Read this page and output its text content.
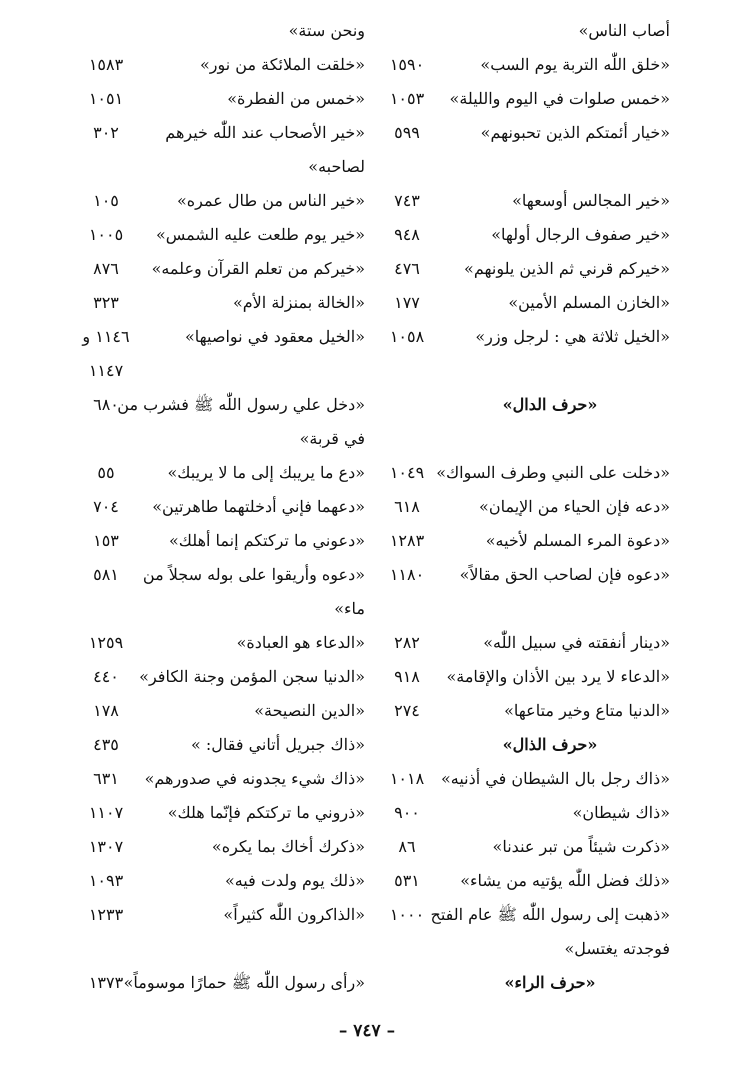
أصاب الناس»
ونحن ستة»
«خلق اللّٰه التربة يوم السب»
١٥٩٠
«خلقت الملائكة من نور»
١٥٨٣
«خمس صلوات في اليوم والليلة»
١٠٥٣
«خمس من الفطرة»
١٠٥١
«خيار أئمتكم الذين تحبونهم»
٥٩٩
«خير الأصحاب عند اللّٰه خيرهم
٣٠٢
لصاحبه»
«خير المجالس أوسعها»
٧٤٣
«خير الناس من طال عمره»
١٠٥
«خير صفوف الرجال أولها»
٩٤٨
«خير يوم طلعت عليه الشمس»
١٠٠٥
«خيركم قرني ثم الذين يلونهم»
٤٧٦
«خيركم من تعلم القرآن وعلمه»
٨٧٦
«الخازن المسلم الأمين»
١٧٧
«الخالة بمنزلة الأم»
٣٢٣
«الخيل ثلاثة هي : لرجل وزر»
١٠٥٨
«الخيل معقود في نواصيها»
١١٤٦ و
١١٤٧
«حرف الدال»
«دخل علي رسول اللّٰه ﷺ فشرب من
٦٨٠
في قربة»
«دخلت على النبي وطرف السواك»
١٠٤٩
«دع ما يريبك إلى ما لا يريبك»
٥٥
«دعه فإن الحياء من الإيمان»
٦١٨
«دعهما فإني أدخلتهما طاهرتين»
٧٠٤
«دعوة المرء المسلم لأخيه»
١٢٨٣
«دعوني ما تركتكم إنما أهلك»
١٥٣
«دعوه فإن لصاحب الحق مقالاً»
١١٨٠
«دعوه وأريقوا على بوله سجلاً من
٥٨١
ماء»
«دينار أنفقته في سبيل اللّٰه»
٢٨٢
«الدعاء هو العبادة»
١٢٥٩
«الدعاء لا يرد بين الأذان والإقامة»
٩١٨
«الدنيا سجن المؤمن وجنة الكافر»
٤٤٠
«الدنيا متاع وخير متاعها»
٢٧٤
«الدين النصيحة»
١٧٨
«حرف الذال»
«ذاك جبريل أتاني فقال: »
٤٣٥
«ذاك رجل بال الشيطان في أذنيه»
١٠١٨
«ذاك شيء يجدونه في صدورهم»
٦٣١
«ذاك شيطان»
٩٠٠
«ذروني ما تركتكم فإنّما هلك»
١١٠٧
«ذكرت شيئاً من تبر عندنا»
٨٦
«ذكرك أخاك بما يكره»
١٣٠٧
«ذلك فضل اللّٰه يؤتيه من يشاء»
٥٣١
«ذلك يوم ولدت فيه»
١٠٩٣
«ذهبت إلى رسول اللّٰه ﷺ عام الفتح
١٠٠٠
«الذاكرون اللّٰه كثيراً»
١٢٣٣
فوجدته يغتسل»
«حرف الراء»
«رأى رسول اللّٰه ﷺ حمارًا موسوماً»
١٣٧٣
– ٧٤٧ –
